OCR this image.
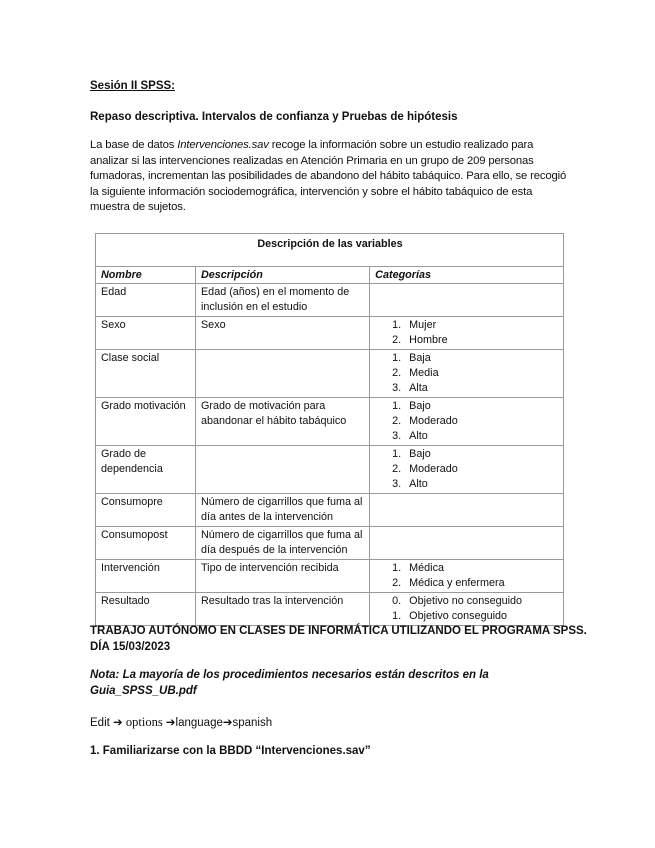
Sesión II SPSS:
Repaso descriptiva. Intervalos de confianza y Pruebas de hipótesis
La base de datos Intervenciones.sav recoge la información sobre un estudio realizado para analizar si las intervenciones realizadas en Atención Primaria en un grupo de 209 personas fumadoras, incrementan las posibilidades de abandono del hábito tabáquico. Para ello, se recogió la siguiente información sociodemográfica, intervención y sobre el hábito tabáquico de esta muestra de sujetos.
Descripción de las variables		
Nombre	Descripción	Categorías
Edad	Edad (años) en el momento de inclusión en el estudio	
Sexo	Sexo	1. Mujer
2. Hombre

Clase social		1. Baja
2. Media
3. Alta

Grado motivación	Grado de motivación para abandonar el hábito tabáquico	1. Bajo
2. Moderado
3. Alto

Grado de dependencia		1. Bajo
2. Moderado
3. Alto

Consumopre	Número de cigarrillos que fuma al día antes de la intervención	
Consumopost	Número de cigarrillos que fuma al día después de la intervención	
Intervención	Tipo de intervención recibida	1. Médica
2. Médica y enfermera

Resultado	Resultado tras la intervención	0. Objetivo no conseguido
1. Objetivo conseguido
TRABAJO AUTÓNOMO EN CLASES DE INFORMÁTICA UTILIZANDO EL PROGRAMA SPSS.
DÍA 15/03/2023
Nota: La mayoría de los procedimientos necesarios están descritos en la Guia_SPSS_UB.pdf
Edit ➔ options ➔language➔spanish
1. Familiarizarse con la BBDD “Intervenciones.sav”
